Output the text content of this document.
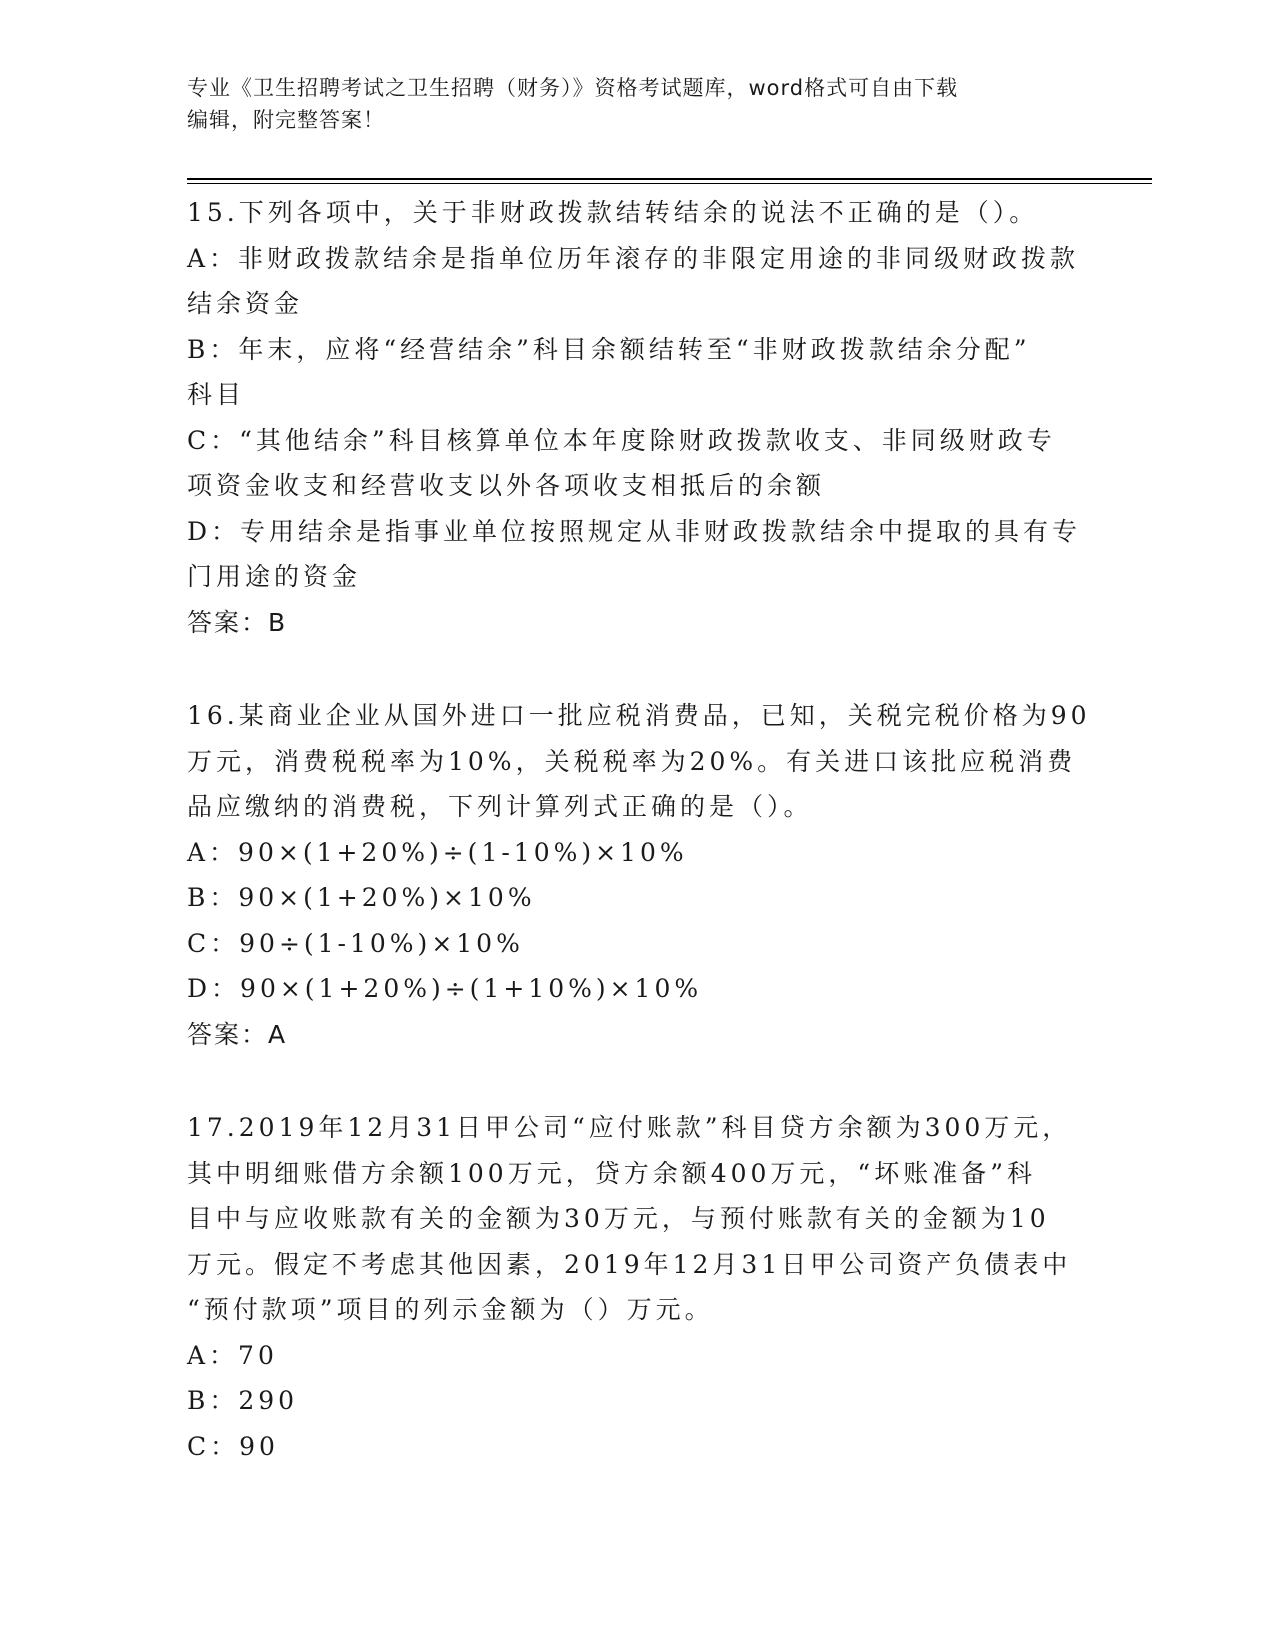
专业《卫生招聘考试之卫生招聘（财务）》资格考试题库，word格式可自由下载
编辑，附完整答案！
15.下列各项中，关于非财政拨款结转结余的说法不正确的是（）。
A：非财政拨款结余是指单位历年滚存的非限定用途的非同级财政拨款
结余资金
B：年末，应将“经营结余”科目余额结转至“非财政拨款结余分配”
科目
C：“其他结余”科目核算单位本年度除财政拨款收支、非同级财政专
项资金收支和经营收支以外各项收支相抵后的余额
D：专用结余是指事业单位按照规定从非财政拨款结余中提取的具有专
门用途的资金
答案：B
16.某商业企业从国外进口一批应税消费品，已知，关税完税价格为90
万元，消费税税率为10%，关税税率为20%。有关进口该批应税消费
品应缴纳的消费税，下列计算列式正确的是（）。
A：90×(1+20%)÷(1-10%)×10%
B：90×(1+20%)×10%
C：90÷(1-10%)×10%
D：90×(1+20%)÷(1+10%)×10%
答案：A
17.2019年12月31日甲公司“应付账款”科目贷方余额为300万元，
其中明细账借方余额100万元，贷方余额400万元，“坏账准备”科
目中与应收账款有关的金额为30万元，与预付账款有关的金额为10
万元。假定不考虑其他因素，2019年12月31日甲公司资产负债表中
“预付款项”项目的列示金额为（）万元。
A：70
B：290
C：90
